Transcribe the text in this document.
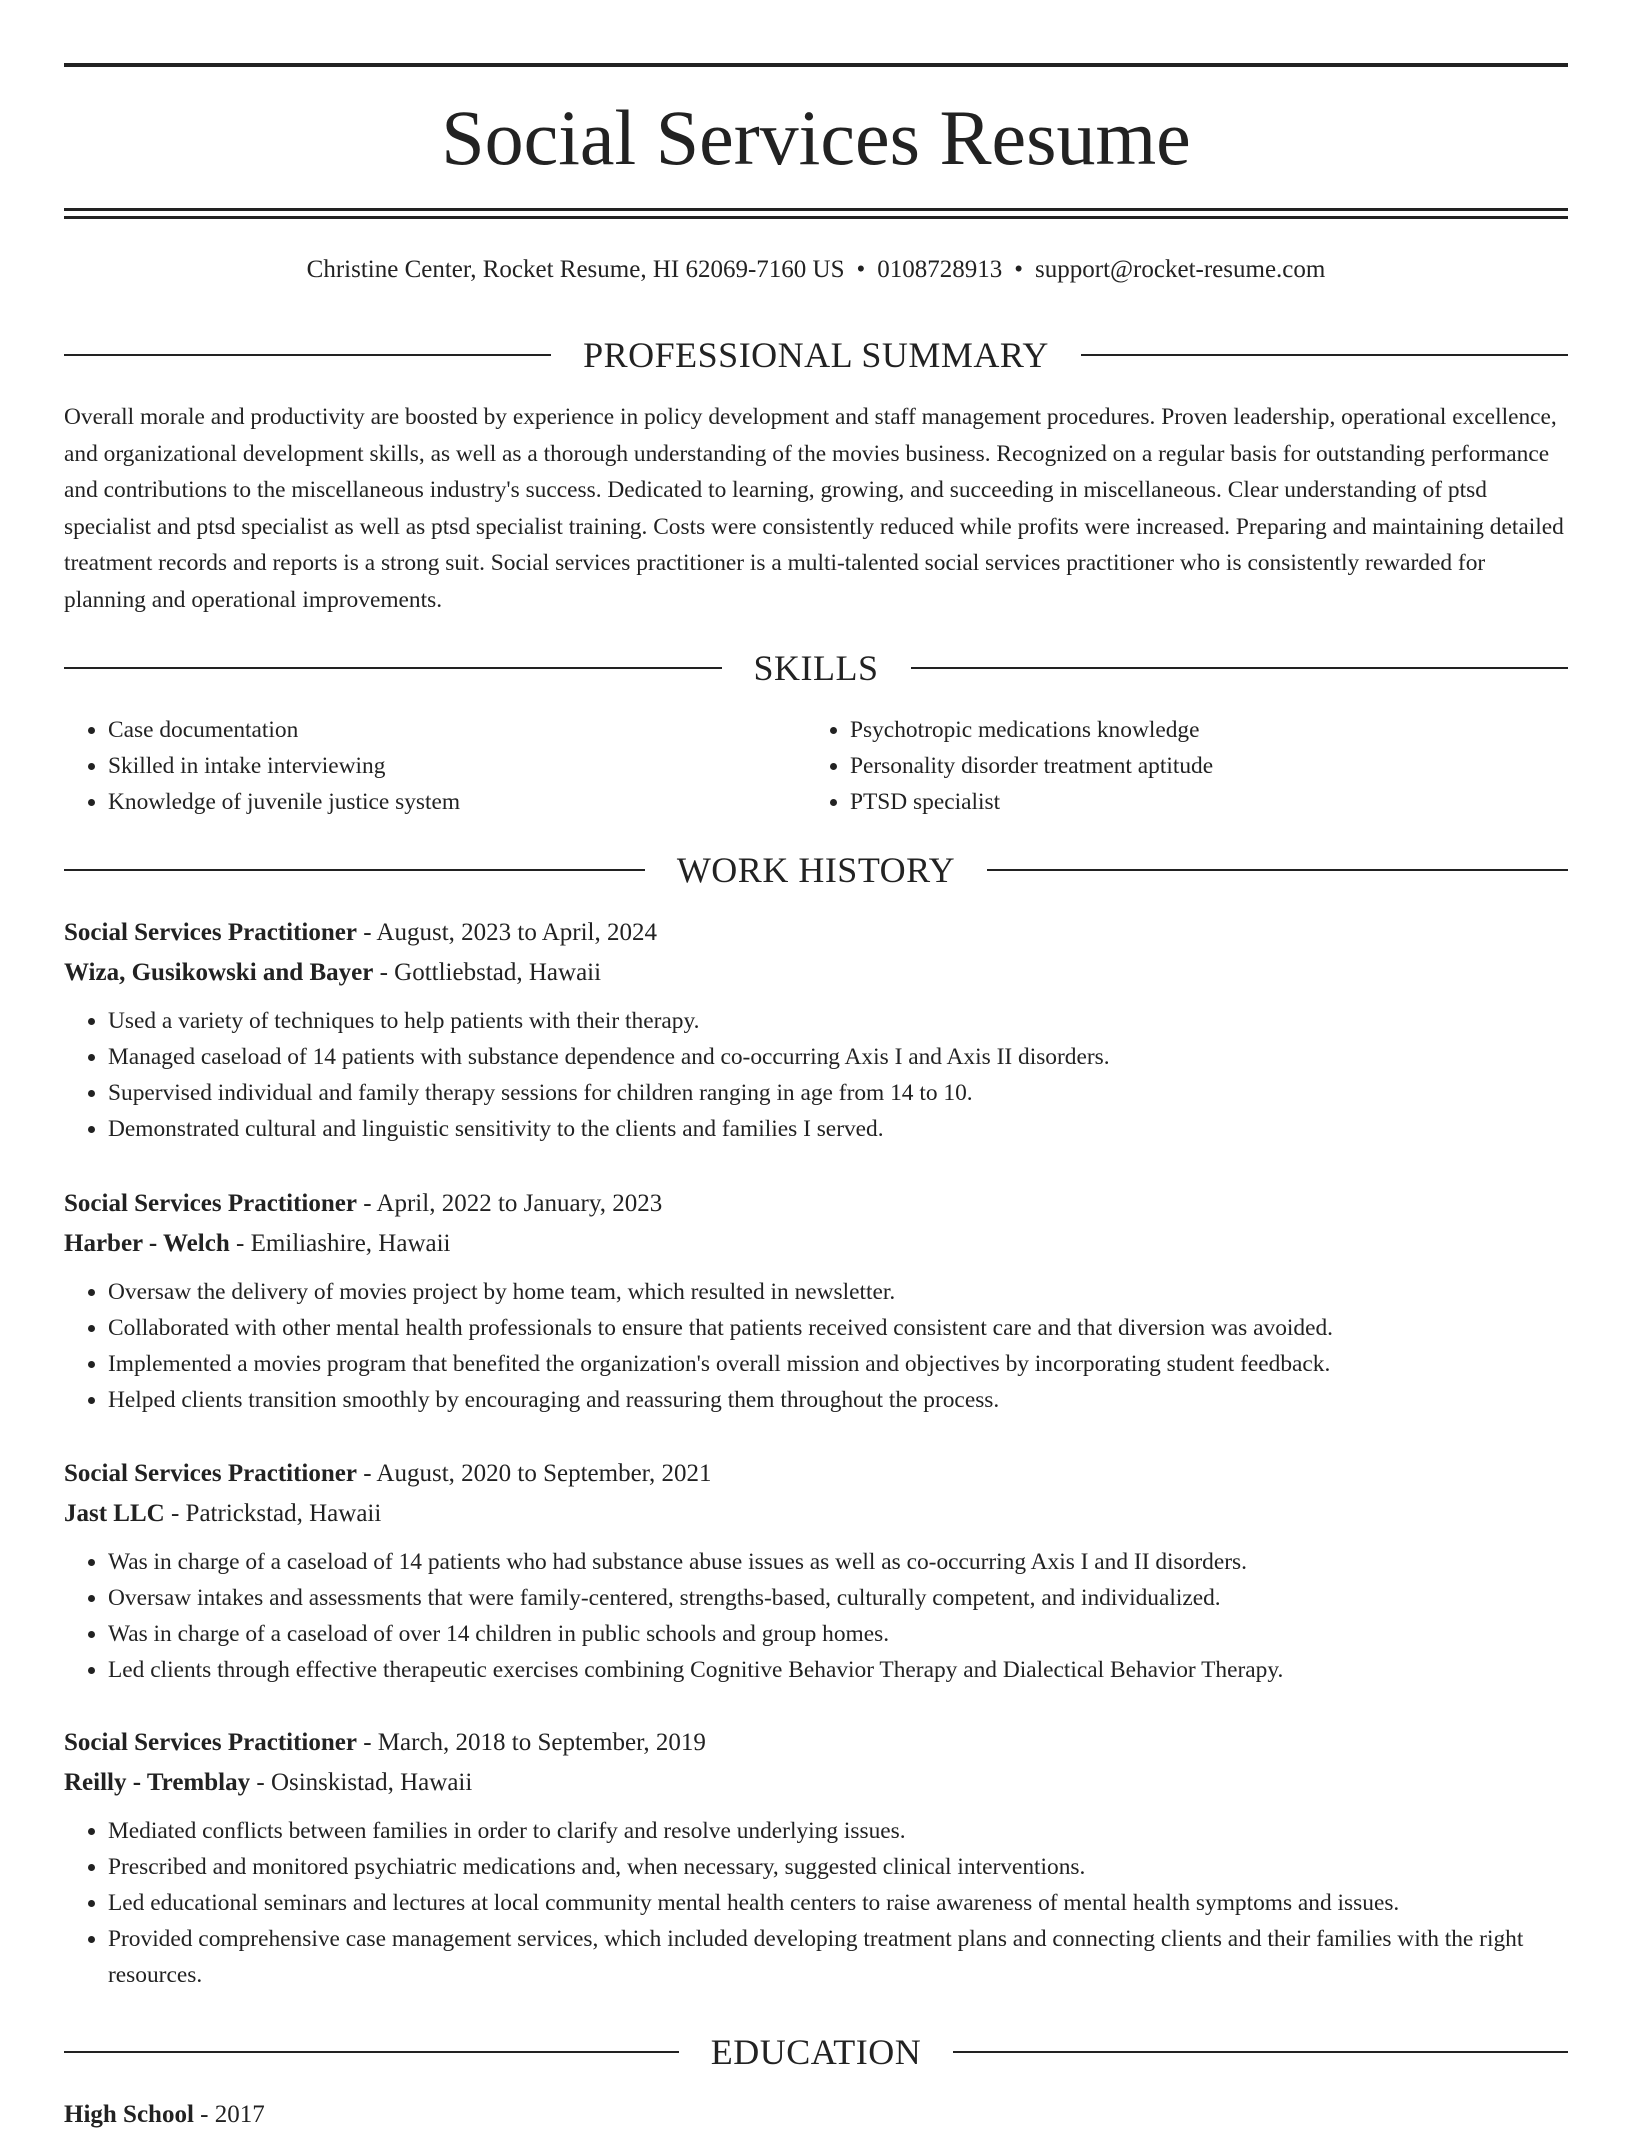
Social Services Resume
Christine Center, Rocket Resume, HI 62069-7160 US • 0108728913 • support@rocket-resume.com
PROFESSIONAL SUMMARY

Overall morale and productivity are boosted by experience in policy development and staff management procedures. Proven leadership, operational excellence, and organizational development skills, as well as a thorough understanding of the movies business. Recognized on a regular basis for outstanding performance and contributions to the miscellaneous industry's success. Dedicated to learning, growing, and succeeding in miscellaneous. Clear understanding of ptsd specialist and ptsd specialist as well as ptsd specialist training. Costs were consistently reduced while profits were increased. Preparing and maintaining detailed treatment records and reports is a strong suit. Social services practitioner is a multi-talented social services practitioner who is consistently rewarded for planning and operational improvements.

SKILLS
• Case documentation
• Skilled in intake interviewing
• Knowledge of juvenile justice system
• Psychotropic medications knowledge
• Personality disorder treatment aptitude
• PTSD specialist
WORK HISTORY

Social Services Practitioner - August, 2023 to April, 2024

Wiza, Gusikowski and Bayer - Gottliebstad, Hawaii

• Used a variety of techniques to help patients with their therapy.
• Managed caseload of 14 patients with substance dependence and co-occurring Axis I and Axis II disorders.
• Supervised individual and family therapy sessions for children ranging in age from 14 to 10.
• Demonstrated cultural and linguistic sensitivity to the clients and families I served.

Social Services Practitioner - April, 2022 to January, 2023

Harber - Welch - Emiliashire, Hawaii

• Oversaw the delivery of movies project by home team, which resulted in newsletter.
• Collaborated with other mental health professionals to ensure that patients received consistent care and that diversion was avoided.
• Implemented a movies program that benefited the organization's overall mission and objectives by incorporating student feedback.
• Helped clients transition smoothly by encouraging and reassuring them throughout the process.

Social Services Practitioner - August, 2020 to September, 2021

Jast LLC - Patrickstad, Hawaii

• Was in charge of a caseload of 14 patients who had substance abuse issues as well as co-occurring Axis I and II disorders.
• Oversaw intakes and assessments that were family-centered, strengths-based, culturally competent, and individualized.
• Was in charge of a caseload of over 14 children in public schools and group homes.
• Led clients through effective therapeutic exercises combining Cognitive Behavior Therapy and Dialectical Behavior Therapy.

Social Services Practitioner - March, 2018 to September, 2019

Reilly - Tremblay - Osinskistad, Hawaii

• Mediated conflicts between families in order to clarify and resolve underlying issues.
• Prescribed and monitored psychiatric medications and, when necessary, suggested clinical interventions.
• Led educational seminars and lectures at local community mental health centers to raise awareness of mental health symptoms and issues.
• Provided comprehensive case management services, which included developing treatment plans and connecting clients and their families with the right resources.
EDUCATION
High School - 2017
